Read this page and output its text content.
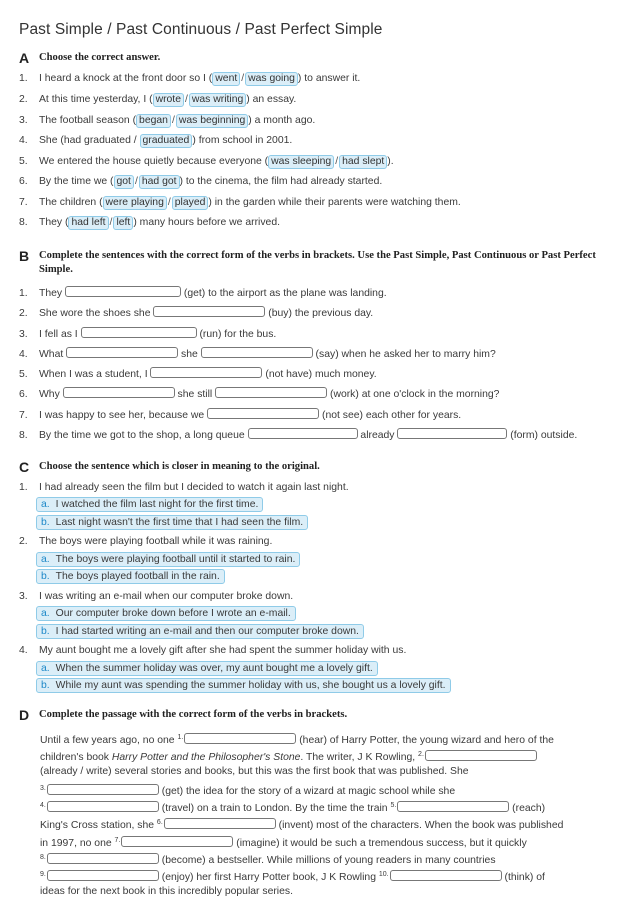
Past Simple / Past Continuous / Past Perfect Simple
A Choose the correct answer.
1. I heard a knock at the front door so I ( went / was going ) to answer it.
2. At this time yesterday, I ( wrote / was writing ) an essay.
3. The football season ( began / was beginning ) a month ago.
4. She (had graduated / graduated ) from school in 2001.
5. We entered the house quietly because everyone ( was sleeping / had slept ).
6. By the time we ( got / had got ) to the cinema, the film had already started.
7. The children ( were playing / played ) in the garden while their parents were watching them.
8. They ( had left / left ) many hours before we arrived.
B Complete the sentences with the correct form of the verbs in brackets. Use the Past Simple, Past Continuous or Past Perfect Simple.
1. They	(get) to the airport as the plane was landing.
2. She wore the shoes she	(buy) the previous day.
3. I fell as I	(run) for the bus.
4. What	she	(say) when he asked her to marry him?
5. When I was a student, I	(not have) much money.
6. Why	she still	(work) at one o'clock in the morning?
7. I was happy to see her, because we	(not see) each other for years.
8. By the time we got to the shop, a long queue	already	(form) outside.
C Choose the sentence which is closer in meaning to the original.
1. I had already seen the film but I decided to watch it again last night.
a. I watched the film last night for the first time.
b. Last night wasn't the first time that I had seen the film.
2. The boys were playing football while it was raining.
a. The boys were playing football until it started to rain.
b. The boys played football in the rain.
3. I was writing an e-mail when our computer broke down.
a. Our computer broke down before I wrote an e-mail.
b. I had started writing an e-mail and then our computer broke down.
4. My aunt bought me a lovely gift after she had spent the summer holiday with us.
a. When the summer holiday was over, my aunt bought me a lovely gift.
b. While my aunt was spending the summer holiday with us, she bought us a lovely gift.
D Complete the passage with the correct form of the verbs in brackets.
Until a few years ago, no one $^{1.}$	(hear) of Harry Potter, the young wizard and hero of the
children's book Harry Potter and the Philosopher's Stone. The writer, J K Rowling, $^{2.}$
(already / write) several stories and books, but this was the first book that was published. She
$^{3.}$	(get) the idea for the story of a wizard at magic school while she
$^{4.}$	(travel) on a train to London. By the time the train $^{5.}$	(reach)
King's Cross station, she $^{6.}$	(invent) most of the characters. When the book was published
in 1997, no one $^{7.}$	(imagine) it would be such a tremendous success, but it quickly
$^{8.}$	(become) a bestseller. While millions of young readers in many countries
$^{9.}$	(enjoy) her first Harry Potter book, J K Rowling $^{10.}$	(think) of
ideas for the next book in this incredibly popular series.
